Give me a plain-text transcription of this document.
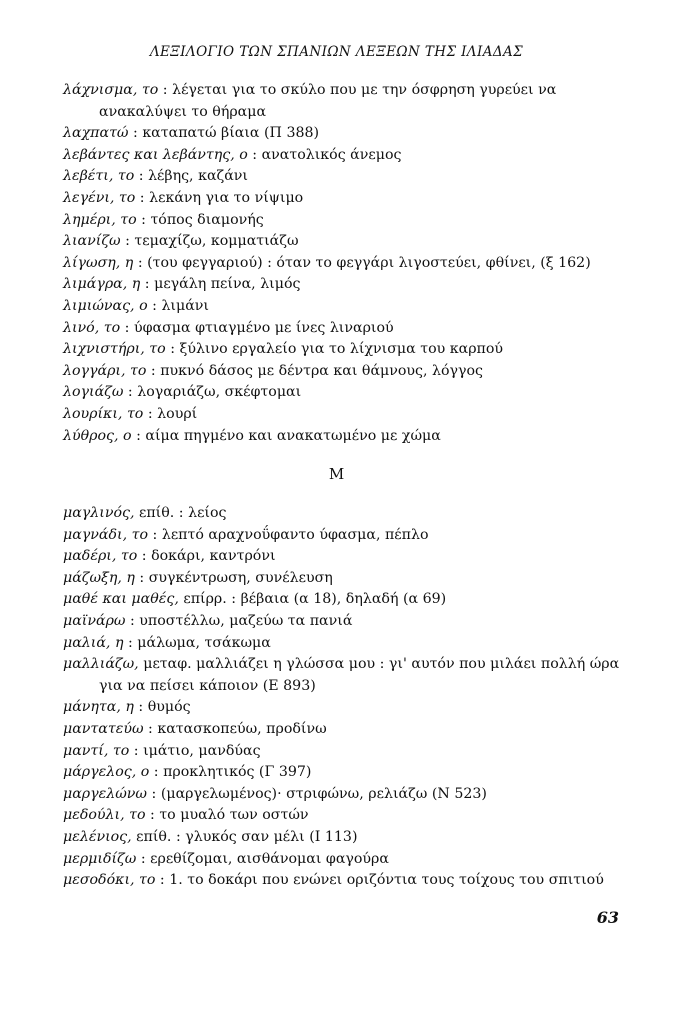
ΛΕΞΙΛΟΓΙΟ ΤΩΝ ΣΠΑΝΙΩΝ ΛΕΞΕΩΝ ΤΗΣ ΙΛΙΑΔΑΣ

λάχνισμα, το : λέγεται για το σκύλο που με την όσφρηση γυρεύει να ανακαλύψει το θήραμα

λαχπατώ : καταπατώ βίαια (Π 388)

λεβάντες και λεβάντης, ο : ανατολικός άνεμος

λεβέτι, το : λέβης, καζάνι

λεγένι, το : λεκάνη για το νίψιμο

λημέρι, το : τόπος διαμονής

λιανίζω : τεμαχίζω, κομματιάζω

λίγωση, η : (του φεγγαριού) : όταν το φεγγάρι λιγοστεύει, φθίνει, (ξ 162)

λιμάγρα, η : μεγάλη πείνα, λιμός

λιμιώνας, ο : λιμάνι

λινό, το : ύφασμα φτιαγμένο με ίνες λιναριού

λιχνιστήρι, το : ξύλινο εργαλείο για το λίχνισμα του καρπού

λογγάρι, το : πυκνό δάσος με δέντρα και θάμνους, λόγγος

λογιάζω : λογαριάζω, σκέφτομαι

λουρίκι, το : λουρί

λύθρος, ο : αίμα πηγμένο και ανακατωμένο με χώμα

Μ

μαγλινός, επίθ. : λείος

μαγνάδι, το : λεπτό αραχνοΰφαντο ύφασμα, πέπλο

μαδέρι, το : δοκάρι, καντρόνι

μάζωξη, η : συγκέντρωση, συνέλευση

μαθέ και μαθές, επίρρ. : βέβαια (α 18), δηλαδή (α 69)

μαϊνάρω : υποστέλλω, μαζεύω τα πανιά

μαλιά, η : μάλωμα, τσάκωμα

μαλλιάζω, μεταφ. μαλλιάζει η γλώσσα μου : γι' αυτόν που μιλάει πολλή ώρα για να πείσει κάποιον (Ε 893)

μάνητα, η : θυμός

μαντατεύω : κατασκοπεύω, προδίνω

μαντί, το : ιμάτιο, μανδύας

μάργελος, ο : προκλητικός (Γ 397)

μαργελώνω : (μαργελωμένος)· στριφώνω, ρελιάζω (Ν 523)

μεδούλι, το : το μυαλό των οστών

μελένιος, επίθ. : γλυκός σαν μέλι (Ι 113)

μερμιδίζω : ερεθίζομαι, αισθάνομαι φαγούρα

μεσοδόκι, το : 1. το δοκάρι που ενώνει οριζόντια τους τοίχους του σπιτιού

63
